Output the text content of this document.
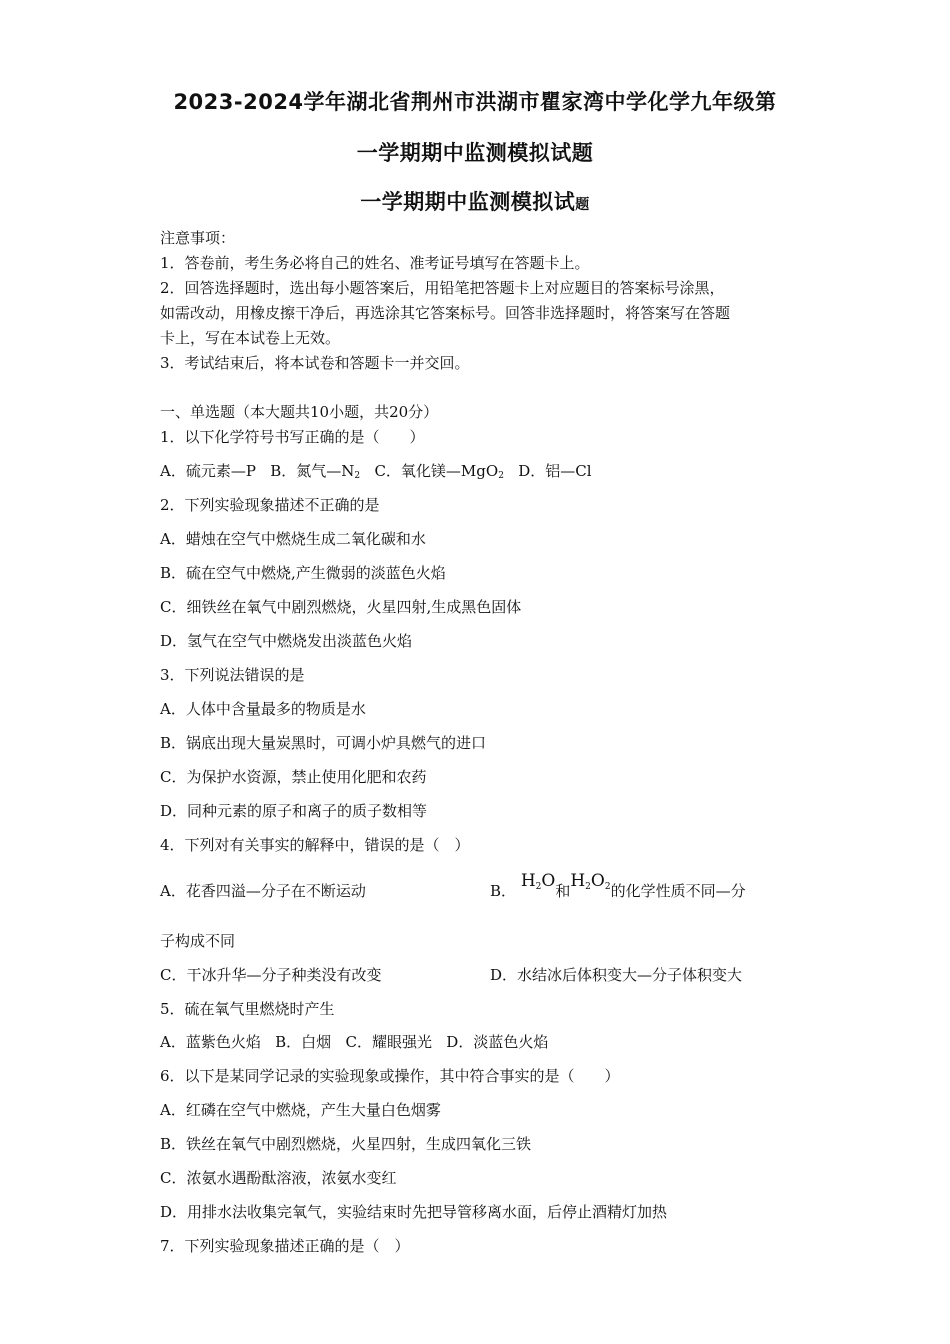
2023-2024学年湖北省荆州市洪湖市瞿家湾中学化学九年级第
一学期期中监测模拟试题
一学期期中监测模拟试题
注意事项：
1．答卷前，考生务必将自己的姓名、准考证号填写在答题卡上。
2．回答选择题时，选出每小题答案后，用铅笔把答题卡上对应题目的答案标号涂黑，
如需改动，用橡皮擦干净后，再选涂其它答案标号。回答非选择题时，将答案写在答题
卡上，写在本试卷上无效。
3．考试结束后，将本试卷和答题卡一并交回。
一、单选题（本大题共10小题，共20分）
1．以下化学符号书写正确的是（　　）
A．硫元素—P B．氮气$—N_2$ C．氧化镁—MgO$_2$ D．铝—Cl
2．下列实验现象描述不正确的是
A．蜡烛在空气中燃烧生成二氧化碳和水
B．硫在空气中燃烧,产生微弱的淡蓝色火焰
C．细铁丝在氧气中剧烈燃烧，火星四射,生成黑色固体
D．氢气在空气中燃烧发出淡蓝色火焰
3．下列说法错误的是
A．人体中含量最多的物质是水
B．锅底出现大量炭黑时，可调小炉具燃气的进口
C．为保护水资源，禁止使用化肥和农药
D．同种元素的原子和离子的质子数相等
4．下列对有关事实的解释中，错误的是（　）
A．花香四溢—分子在不断运动	B． H2O和H2O2的化学性质不同—分
子构成不同
C．干冰升华—分子种类没有改变	D．水结冰后体积变大—分子体积变大
5．硫在氧气里燃烧时产生
A．蓝紫色火焰 B．白烟 C．耀眼强光 D．淡蓝色火焰
6．以下是某同学记录的实验现象或操作，其中符合事实的是（　　）
A．红磷在空气中燃烧，产生大量白色烟雾
B．铁丝在氧气中剧烈燃烧，火星四射，生成四氧化三铁
C．浓氨水遇酚酞溶液，浓氨水变红
D．用排水法收集完氧气，实验结束时先把导管移离水面，后停止酒精灯加热
7．下列实验现象描述正确的是（　）
